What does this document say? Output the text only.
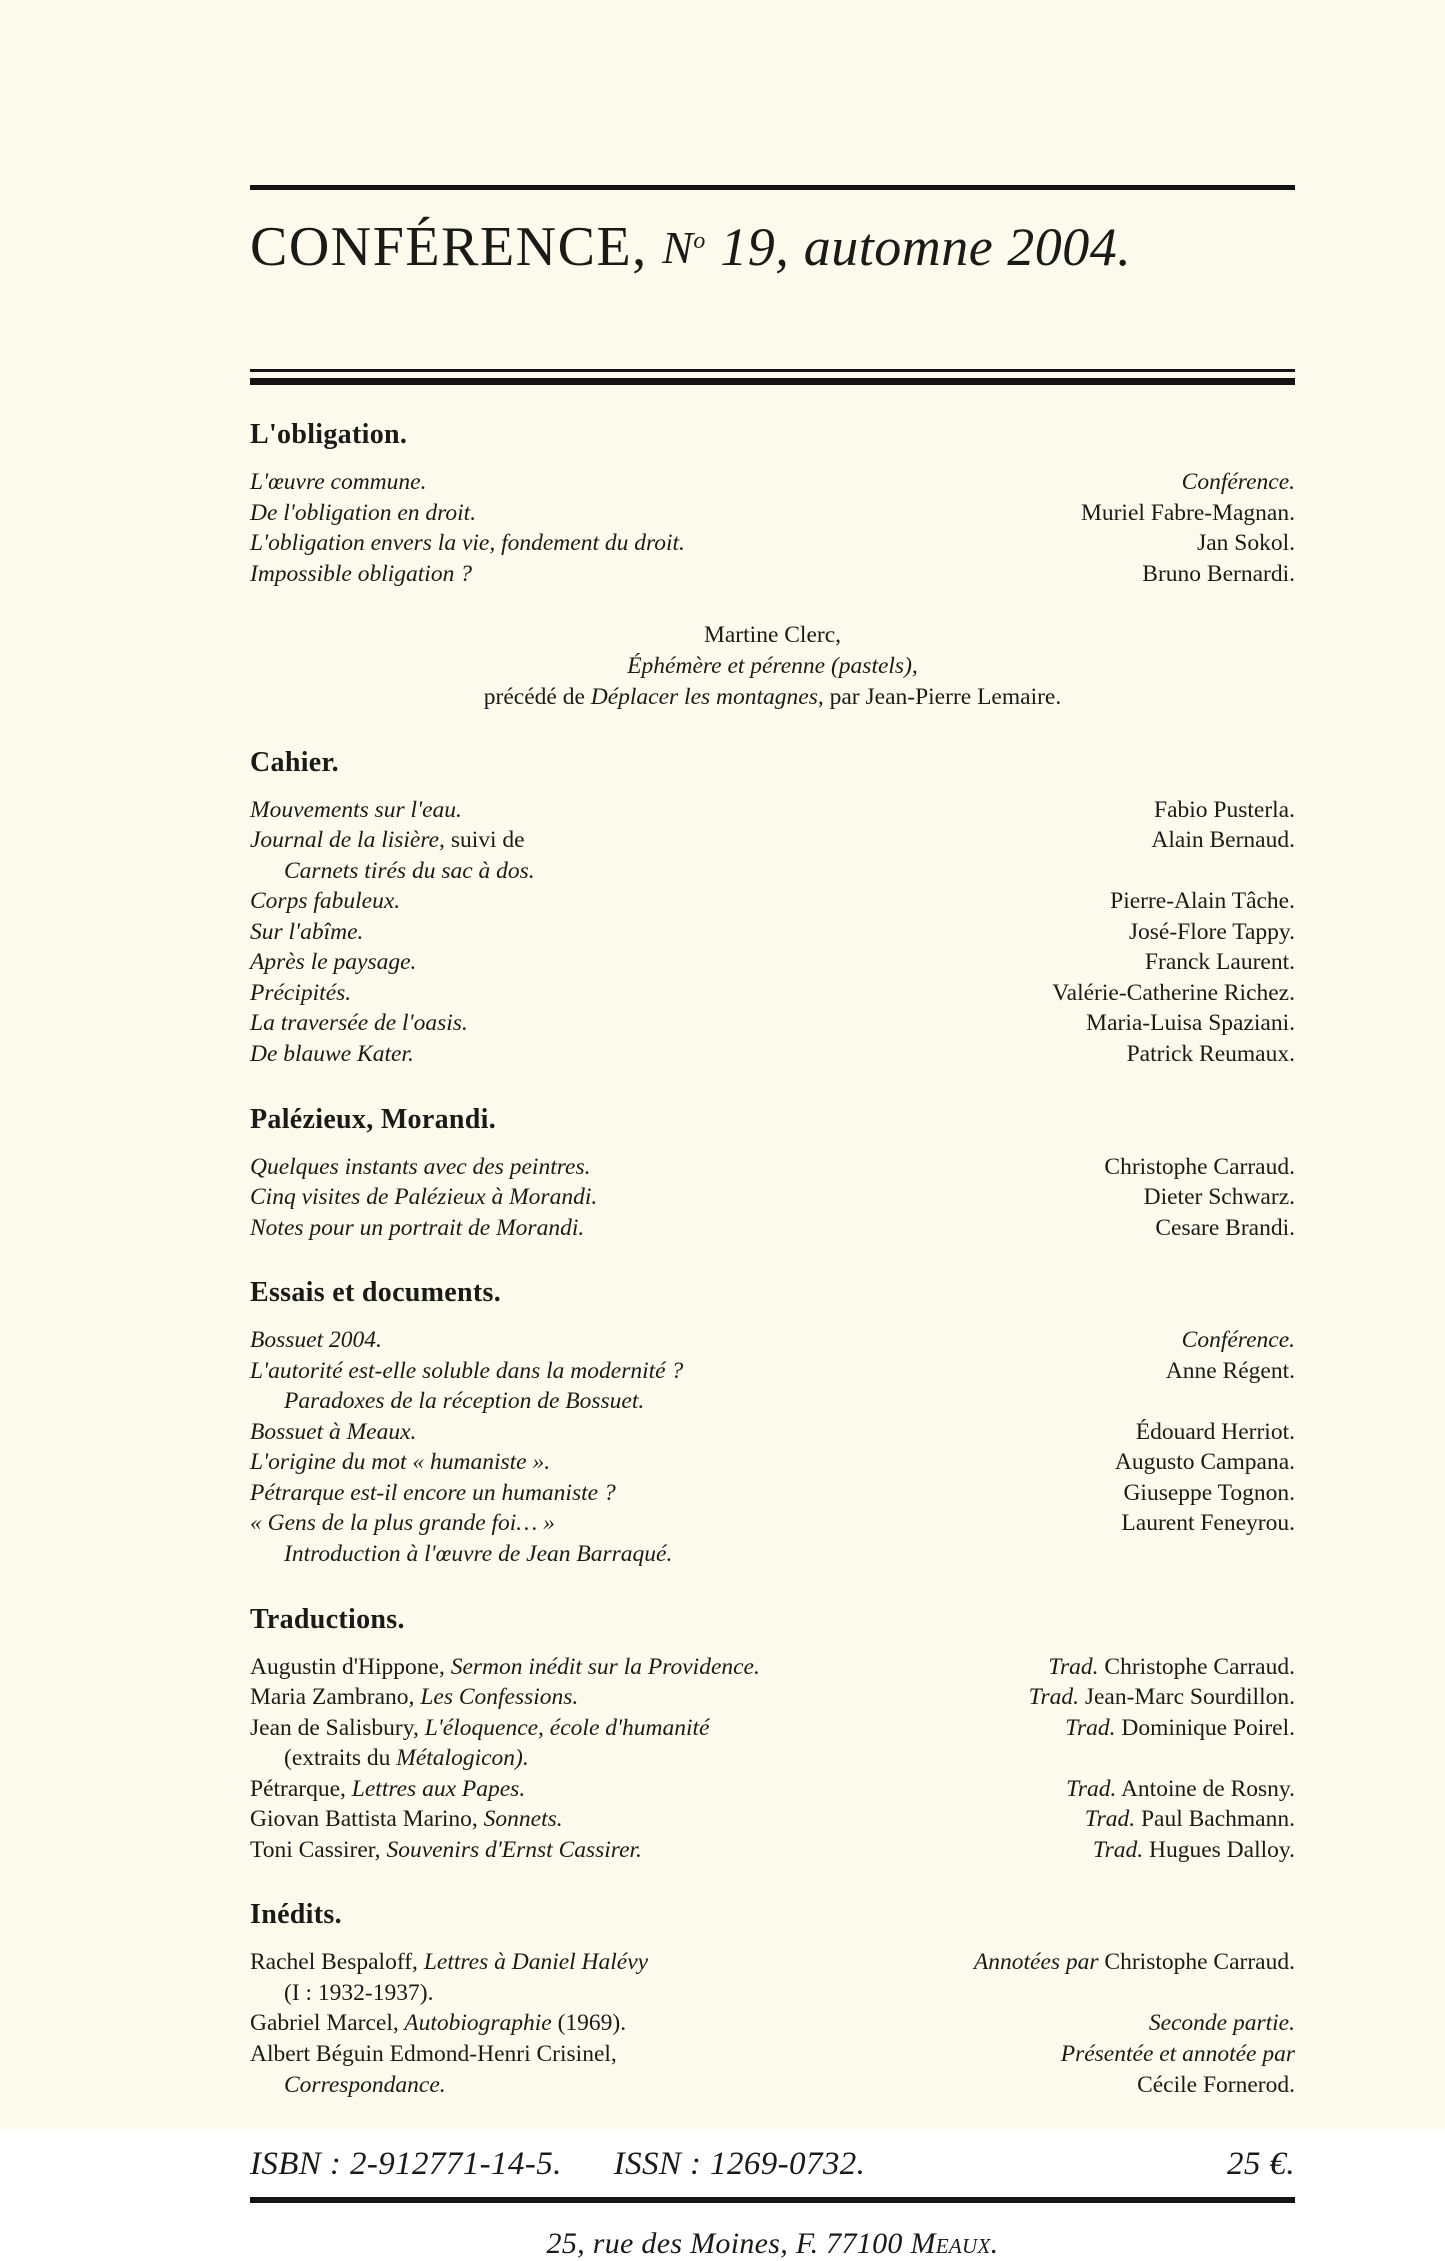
CONFÉRENCE, $N^o$ 19, automne 2004.
L'obligation.
L'œuvre commune.	Conférence.
De l'obligation en droit.	Muriel Fabre-Magnan.
L'obligation envers la vie, fondement du droit.	Jan Sokol.
Impossible obligation ?	Bruno Bernardi.
Martine Clerc,
Éphémère et pérenne (pastels),
précédé de Déplacer les montagnes, par Jean-Pierre Lemaire.
Cahier.
Mouvements sur l'eau.	Fabio Pusterla.
Journal de la lisière, suivi de	Alain Bernaud.
Carnets tirés du sac à dos.
Corps fabuleux.	Pierre-Alain Tâche.
Sur l'abîme.	José-Flore Tappy.
Après le paysage.	Franck Laurent.
Précipités.	Valérie-Catherine Richez.
La traversée de l'oasis.	Maria-Luisa Spaziani.
De blauwe Kater.	Patrick Reumaux.
Palézieux, Morandi.
Quelques instants avec des peintres.	Christophe Carraud.
Cinq visites de Palézieux à Morandi.	Dieter Schwarz.
Notes pour un portrait de Morandi.	Cesare Brandi.
Essais et documents.
Bossuet 2004.	Conférence.
L'autorité est-elle soluble dans la modernité ?	Anne Régent.
Paradoxes de la réception de Bossuet.
Bossuet à Meaux.	Édouard Herriot.
L'origine du mot « humaniste ».	Augusto Campana.
Pétrarque est-il encore un humaniste ?	Giuseppe Tognon.
« Gens de la plus grande foi… »	Laurent Feneyrou.
Introduction à l'œuvre de Jean Barraqué.
Traductions.
Augustin d'Hippone, Sermon inédit sur la Providence.	Trad. Christophe Carraud.
Maria Zambrano, Les Confessions.	Trad. Jean-Marc Sourdillon.
Jean de Salisbury, L'éloquence, école d'humanité	Trad. Dominique Poirel.
(extraits du Métalogicon).
Pétrarque, Lettres aux Papes.	Trad. Antoine de Rosny.
Giovan Battista Marino, Sonnets.	Trad. Paul Bachmann.
Toni Cassirer, Souvenirs d'Ernst Cassirer.	Trad. Hugues Dalloy.
Inédits.
Rachel Bespaloff, Lettres à Daniel Halévy	Annotées par Christophe Carraud.
(I : 1932-1937).
Gabriel Marcel, Autobiographie (1969).	Seconde partie.
Albert Béguin Edmond-Henri Crisinel,	Présentée et annotée par
Correspondance.	Cécile Fornerod.
ISBN : 2-912771-14-5. ISSN : 1269-0732.	25 €.
25, rue des Moines, F. 77100 Meaux.
